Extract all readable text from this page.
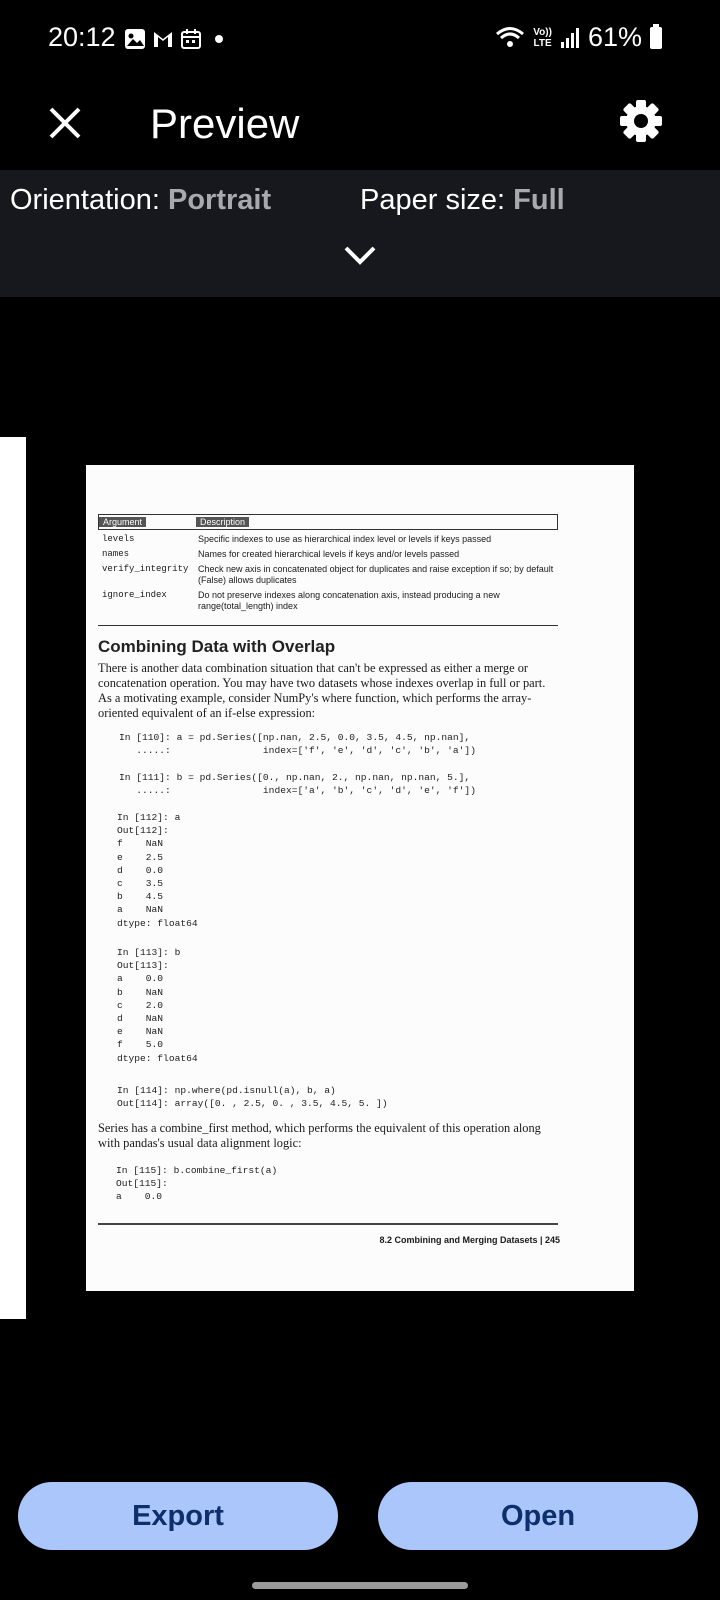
20:12	Vo))
LTE 61%
Preview
Orientation: Portrait	Paper size: Full
Argument	Description
levels	Specific indexes to use as hierarchical index level or levels if keys passed
names	Names for created hierarchical levels if keys and/or levels passed
verify_integrity	Check new axis in concatenated object for duplicates and raise exception if so; by default (False) allows duplicates
ignore_index	Do not preserve indexes along concatenation axis, instead producing a new range(total_length) index
Combining Data with Overlap
There is another data combination situation that can't be expressed as either a merge or concatenation operation. You may have two datasets whose indexes overlap in full or part. As a motivating example, consider NumPy's where function, which performs the array-oriented equivalent of an if-else expression:
In [110]: a = pd.Series([np.nan, 2.5, 0.0, 3.5, 4.5, np.nan],
.....:                index=['f', 'e', 'd', 'c', 'b', 'a'])
In [111]: b = pd.Series([0., np.nan, 2., np.nan, np.nan, 5.],
.....:                index=['a', 'b', 'c', 'd', 'e', 'f'])
In [112]: a
Out[112]:
f    NaN
e    2.5
d    0.0
c    3.5
b    4.5
a    NaN
dtype: float64
In [113]: b
Out[113]:
a    0.0
b    NaN
c    2.0
d    NaN
e    NaN
f    5.0
dtype: float64
In [114]: np.where(pd.isnull(a), b, a)
Out[114]: array([0. , 2.5, 0. , 3.5, 4.5, 5. ])
Series has a combine_first method, which performs the equivalent of this operation along with pandas's usual data alignment logic:
In [115]: b.combine_first(a)
Out[115]:
a    0.0
8.2 Combining and Merging Datasets | 245
Export	Open
